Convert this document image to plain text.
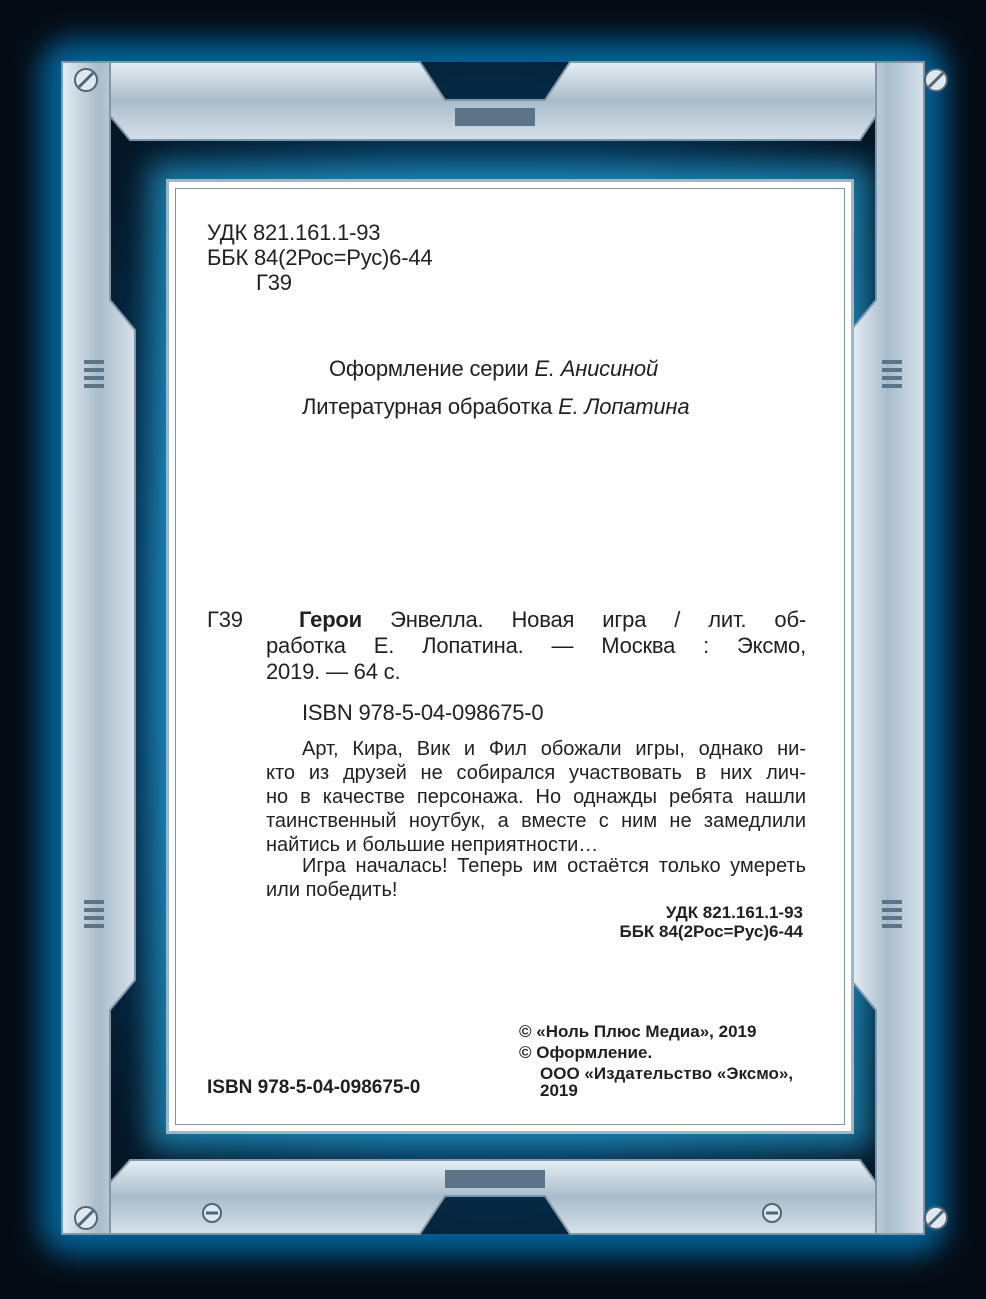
УДК 821.161.1-93

ББК 84(2Рос=Рус)6-44

Г39

Оформление серии Е. Анисиной

Литературная обработка Е. Лопатина

Г39	Герои Энвелла. Новая игра / лит. об-

работка Е. Лопатина. — Москва : Эксмо,

2019. — 64 с.

ISBN 978-5-04-098675-0

Арт, Кира, Вик и Фил обожали игры, однако ни-

кто из друзей не собирался участвовать в них лич-

но в качестве персонажа. Но однажды ребята нашли

таинственный ноутбук, а вместе с ним не замедлили

найтись и большие неприятности…

Игра началась! Теперь им остаётся только умереть

или победить!

УДК 821.161.1-93

ББК 84(2Рос=Рус)6-44

© «Ноль Плюс Медиа», 2019

© Оформление.

ООО «Издательство «Эксмо»,

2019

ISBN 978-5-04-098675-0
